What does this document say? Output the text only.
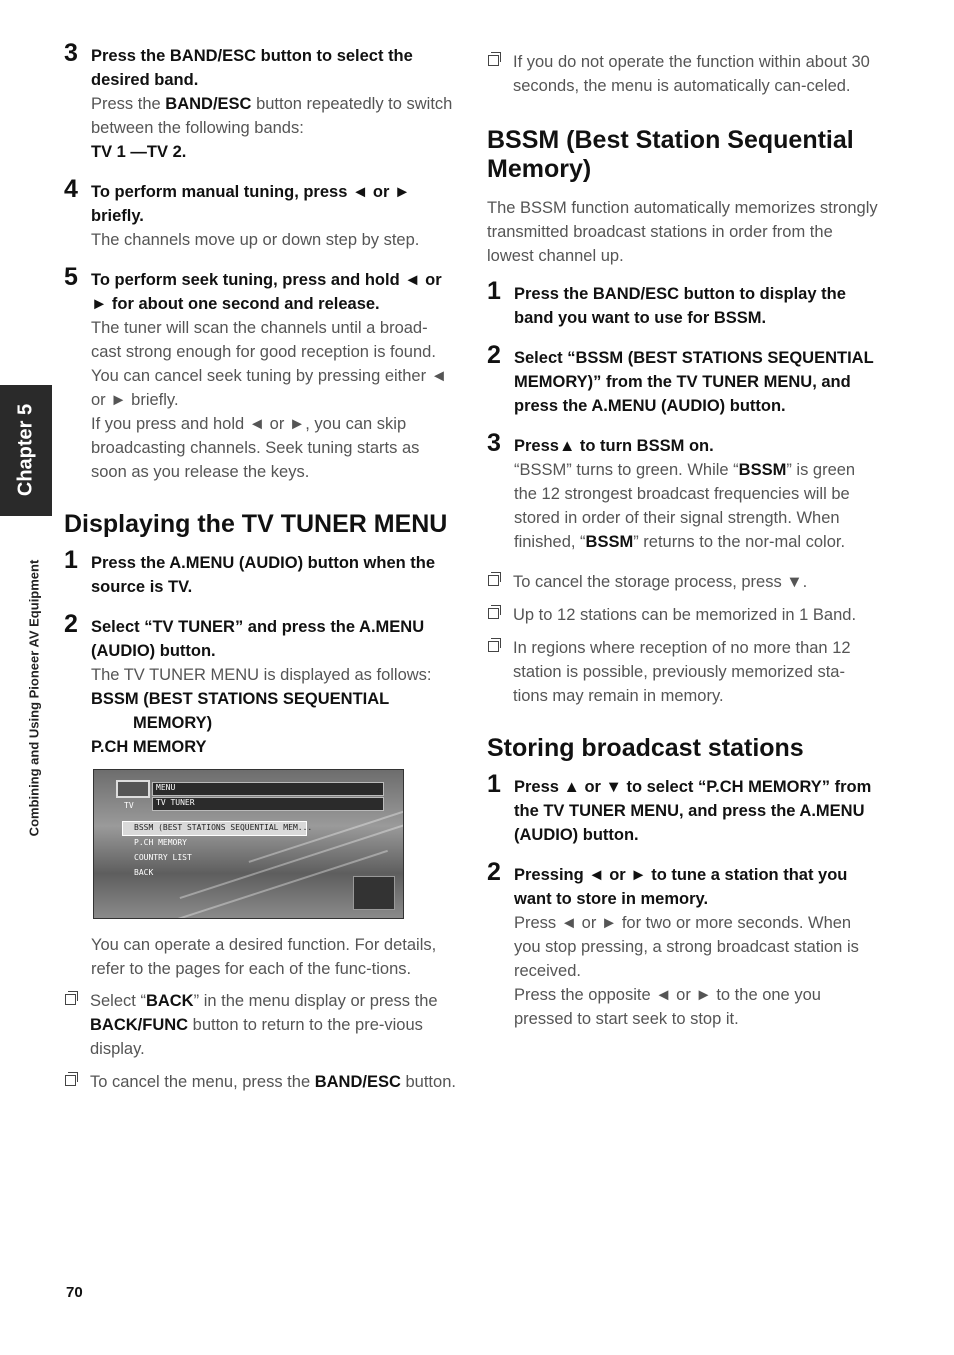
Chapter 5
Combining and Using Pioneer AV Equipment
3 Press the BAND/ESC button to select the desired band.
Press the BAND/ESC button repeatedly to switch between the following bands:
TV 1 —TV 2.
4 To perform manual tuning, press ◄ or ► briefly.
The channels move up or down step by step.
5 To perform seek tuning, press and hold ◄ or ► for about one second and release.
The tuner will scan the channels until a broad-cast strong enough for good reception is found.
You can cancel seek tuning by pressing either ◄ or ► briefly.
If you press and hold ◄ or ►, you can skip broadcasting channels. Seek tuning starts as soon as you release the keys.
Displaying the TV TUNER MENU
1 Press the A.MENU (AUDIO) button when the source is TV.
2 Select “TV TUNER” and press the A.MENU (AUDIO) button.
The TV TUNER MENU is displayed as follows:
BSSM (BEST STATIONS SEQUENTIAL
MEMORY)
P.CH MEMORY
TV
MENU
TV TUNER
BSSM (BEST STATIONS SEQUENTIAL MEM...
P.CH MEMORY
COUNTRY LIST
BACK
You can operate a desired function. For details, refer to the pages for each of the func-tions.
Select “BACK” in the menu display or press the BACK/FUNC button to return to the pre-vious display.
To cancel the menu, press the BAND/ESC button.
If you do not operate the function within about 30 seconds, the menu is automatically can-celed.
BSSM (Best Station Sequential Memory)
The BSSM function automatically memorizes strongly transmitted broadcast stations in order from the lowest channel up.
1 Press the BAND/ESC button to display the band you want to use for BSSM.
2 Select “BSSM (BEST STATIONS SEQUENTIAL MEMORY)” from the TV TUNER MENU, and press the A.MENU (AUDIO) button.
3 Press▲ to turn BSSM on.
“BSSM” turns to green. While “BSSM” is green the 12 strongest broadcast frequencies will be stored in order of their signal strength. When finished, “BSSM” returns to the nor-mal color.
To cancel the storage process, press ▼.
Up to 12 stations can be memorized in 1 Band.
In regions where reception of no more than 12 station is possible, previously memorized sta-tions may remain in memory.
Storing broadcast stations
1 Press ▲ or ▼ to select “P.CH MEMORY” from the TV TUNER MENU, and press the A.MENU (AUDIO) button.
2 Pressing ◄ or ► to tune a station that you want to store in memory.
Press ◄ or ► for two or more seconds. When you stop pressing, a strong broadcast station is received.
Press the opposite ◄ or ► to the one you pressed to start seek to stop it.
70
